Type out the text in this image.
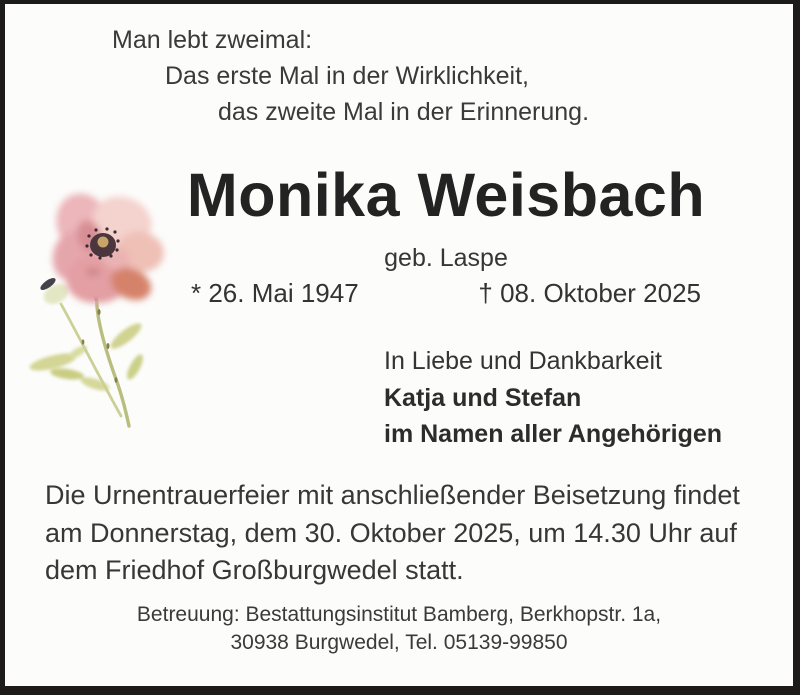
Man lebt zweimal:
Das erste Mal in der Wirklichkeit,
das zweite Mal in der Erinnerung.
Monika Weisbach
geb. Laspe
* 26. Mai 1947	† 08. Oktober 2025
In Liebe und Dankbarkeit
Katja und Stefan
im Namen aller Angehörigen
Die Urnentrauerfeier mit anschließender Beisetzung findet
am Donnerstag, dem 30. Oktober 2025, um 14.30 Uhr auf
dem Friedhof Großburgwedel statt.
Betreuung: Bestattungsinstitut Bamberg, Berkhopstr. 1a,
30938 Burgwedel, Tel. 05139-99850
